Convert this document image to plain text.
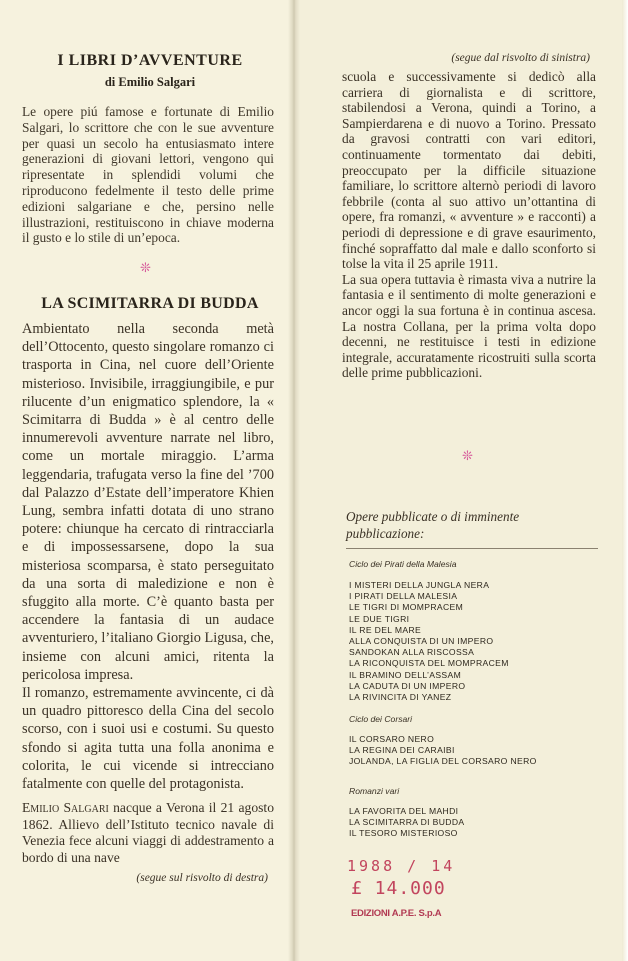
I LIBRI D’AVVENTURE
di Emilio Salgari
Le opere piú famose e fortunate di Emilio Salgari, lo scrittore che con le sue avventure per quasi un secolo ha entusiasmato intere generazioni di giovani lettori, vengono qui ripresentate in splendidi volumi che riproducono fedelmente il testo delle prime edizioni salgariane e che, persino nelle illustrazioni, restituiscono in chiave moderna il gusto e lo stile di un’epoca.
❊
LA SCIMITARRA DI BUDDA

Ambientato nella seconda metà dell’Ottocento, questo singolare romanzo ci trasporta in Cina, nel cuore dell’Oriente misterioso. Invisibile, irraggiungibile, e pur rilucente d’un enigmatico splendore, la « Scimitarra di Budda » è al centro delle innumerevoli avventure narrate nel libro, come un mortale miraggio. L’arma leggendaria, trafugata verso la fine del ’700 dal Palazzo d’Estate dell’imperatore Khien Lung, sembra infatti dotata di uno strano potere: chiunque ha cercato di rintracciarla e di impossessarsene, dopo la sua misteriosa scomparsa, è stato perseguitato da una sorta di maledizione e non è sfuggito alla morte. C’è quanto basta per accendere la fantasia di un audace avventuriero, l’italiano Giorgio Ligusa, che, insieme con alcuni amici, ritenta la pericolosa impresa.

Il romanzo, estremamente avvincente, ci dà un quadro pittoresco della Cina del secolo scorso, con i suoi usi e costumi. Su questo sfondo si agita tutta una folla anonima e colorita, le cui vicende si intrecciano fatalmente con quelle del protagonista.

Emilio Salgari nacque a Verona il 21 agosto 1862. Allievo dell’Istituto tecnico navale di Venezia fece alcuni viaggi di addestramento a bordo di una nave
(segue sul risvolto di destra)
(segue dal risvolto di sinistra)

scuola e successivamente si dedicò alla carriera di giornalista e di scrittore, stabilendosi a Verona, quindi a Torino, a Sampierdarena e di nuovo a Torino. Pressato da gravosi contratti con vari editori, continuamente tormentato dai debiti, preoccupato per la difficile situazione familiare, lo scrittore alternò periodi di lavoro febbrile (conta al suo attivo un’ottantina di opere, fra romanzi, « avventure » e racconti) a periodi di depressione e di grave esaurimento, finché sopraffatto dal male e dallo sconforto si tolse la vita il 25 aprile 1911.

La sua opera tuttavia è rimasta viva a nutrire la fantasia e il sentimento di molte generazioni e ancor oggi la sua fortuna è in continua ascesa. La nostra Collana, per la prima volta dopo decenni, ne restituisce i testi in edizione integrale, accuratamente ricostruiti sulla scorta delle prime pubblicazioni.

❊
Opere pubblicate o di imminente pubblicazione:
Ciclo dei Pirati della Malesia
I MISTERI DELLA JUNGLA NERA
I PIRATI DELLA MALESIA
LE TIGRI DI MOMPRACEM
LE DUE TIGRI
IL RE DEL MARE
ALLA CONQUISTA DI UN IMPERO
SANDOKAN ALLA RISCOSSA
LA RICONQUISTA DEL MOMPRACEM
IL BRAMINO DELL’ASSAM
LA CADUTA DI UN IMPERO
LA RIVINCITA DI YANEZ
Ciclo dei Corsari
IL CORSARO NERO
LA REGINA DEI CARAIBI
JOLANDA, LA FIGLIA DEL CORSARO NERO
Romanzi vari
LA FAVORITA DEL MAHDI
LA SCIMITARRA DI BUDDA
IL TESORO MISTERIOSO
1988 / 14
£ 14.000
EDIZIONI A.P.E. S.p.A
